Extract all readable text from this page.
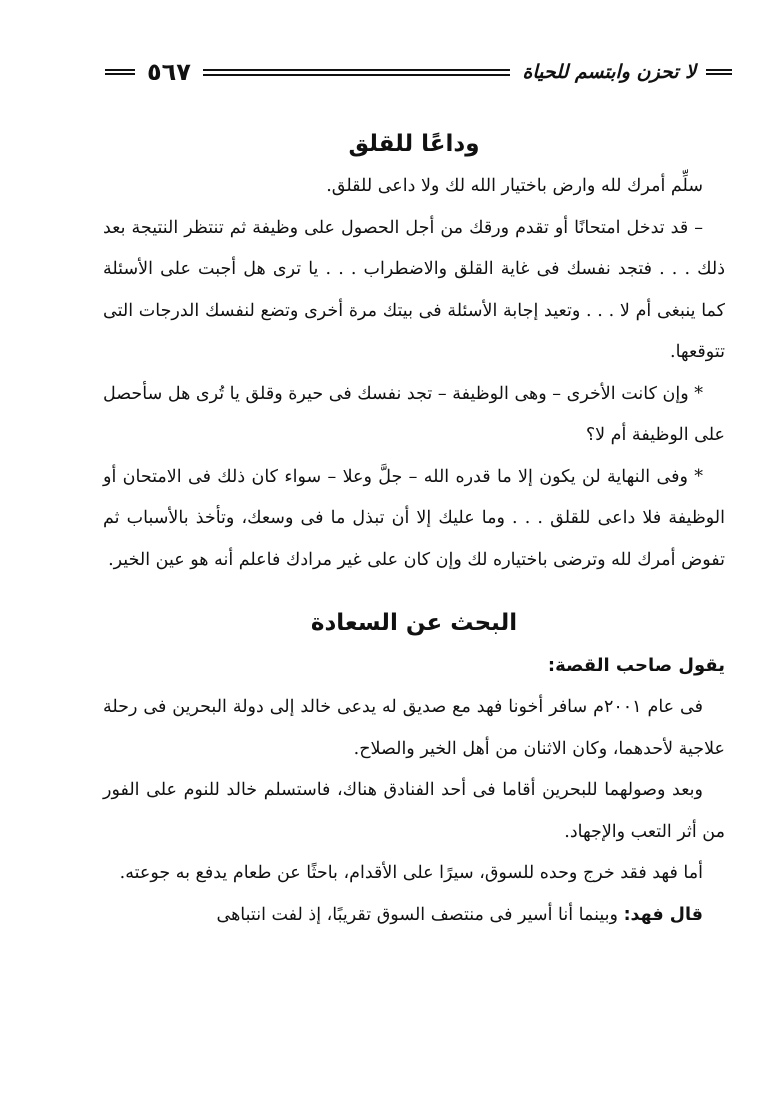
لا تحزن وابتسم للحياة
٥٦٧
وداعًا للقلق

سلِّم أمرك لله وارض باختيار الله لك ولا داعى للقلق.

– قد تدخل امتحانًا أو تقدم ورقك من أجل الحصول على وظيفة ثم تنتظر النتيجة بعد ذلك . . . فتجد نفسك فى غاية القلق والاضطراب . . . يا ترى هل أجبت على الأسئلة كما ينبغى أم لا . . . وتعيد إجابة الأسئلة فى بيتك مرة أخرى وتضع لنفسك الدرجات التى تتوقعها.

* وإن كانت الأخرى – وهى الوظيفة – تجد نفسك فى حيرة وقلق يا تُرى هل سأحصل على الوظيفة أم لا؟

* وفى النهاية لن يكون إلا ما قدره الله – جلَّ وعلا – سواء كان ذلك فى الامتحان أو الوظيفة فلا داعى للقلق . . . وما عليك إلا أن تبذل ما فى وسعك، وتأخذ بالأسباب ثم تفوض أمرك لله وترضى باختياره لك وإن كان على غير مرادك فاعلم أنه هو عين الخير.

البحث عن السعادة

يقول صاحب القصة:

فى عام ٢٠٠١م سافر أخونا فهد مع صديق له يدعى خالد إلى دولة البحرين فى رحلة علاجية لأحدهما، وكان الاثنان من أهل الخير والصلاح.

وبعد وصولهما للبحرين أقاما فى أحد الفنادق هناك، فاستسلم خالد للنوم على الفور من أثر التعب والإجهاد.

أما فهد فقد خرج وحده للسوق، سيرًا على الأقدام، باحثًا عن طعام يدفع به جوعته.

قال فهد: وبينما أنا أسير فى منتصف السوق تقريبًا، إذ لفت انتباهى
